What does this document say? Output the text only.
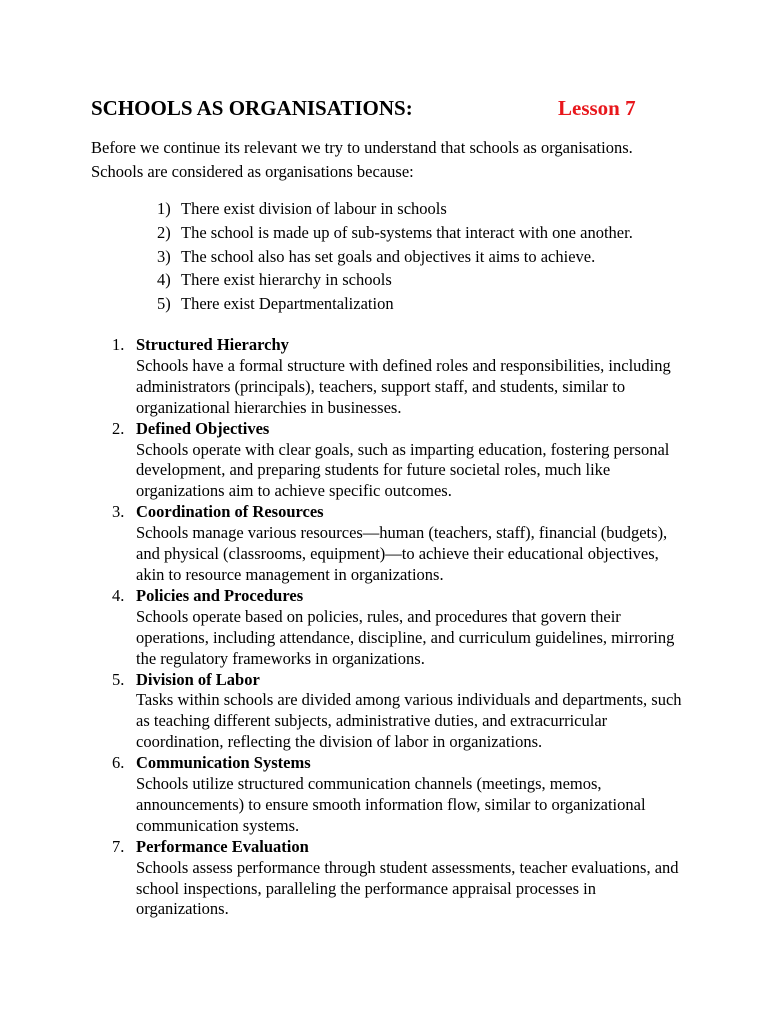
SCHOOLS AS ORGANISATIONS:	Lesson 7

Before we continue its relevant we try to understand that schools as organisations.

Schools are considered as organisations because:

1) There exist division of labour in schools
2) The school is made up of sub-systems that interact with one another.
3) The school also has set goals and objectives it aims to achieve.
4) There exist hierarchy in schools
5) There exist Departmentalization
1. Structured Hierarchy
Schools have a formal structure with defined roles and responsibilities, including administrators (principals), teachers, support staff, and students, similar to organizational hierarchies in businesses.
2. Defined Objectives
Schools operate with clear goals, such as imparting education, fostering personal development, and preparing students for future societal roles, much like organizations aim to achieve specific outcomes.
3. Coordination of Resources
Schools manage various resources—human (teachers, staff), financial (budgets), and physical (classrooms, equipment)—to achieve their educational objectives, akin to resource management in organizations.
4. Policies and Procedures
Schools operate based on policies, rules, and procedures that govern their operations, including attendance, discipline, and curriculum guidelines, mirroring the regulatory frameworks in organizations.
5. Division of Labor
Tasks within schools are divided among various individuals and departments, such as teaching different subjects, administrative duties, and extracurricular coordination, reflecting the division of labor in organizations.
6. Communication Systems
Schools utilize structured communication channels (meetings, memos, announcements) to ensure smooth information flow, similar to organizational communication systems.
7. Performance Evaluation
Schools assess performance through student assessments, teacher evaluations, and school inspections, paralleling the performance appraisal processes in organizations.
